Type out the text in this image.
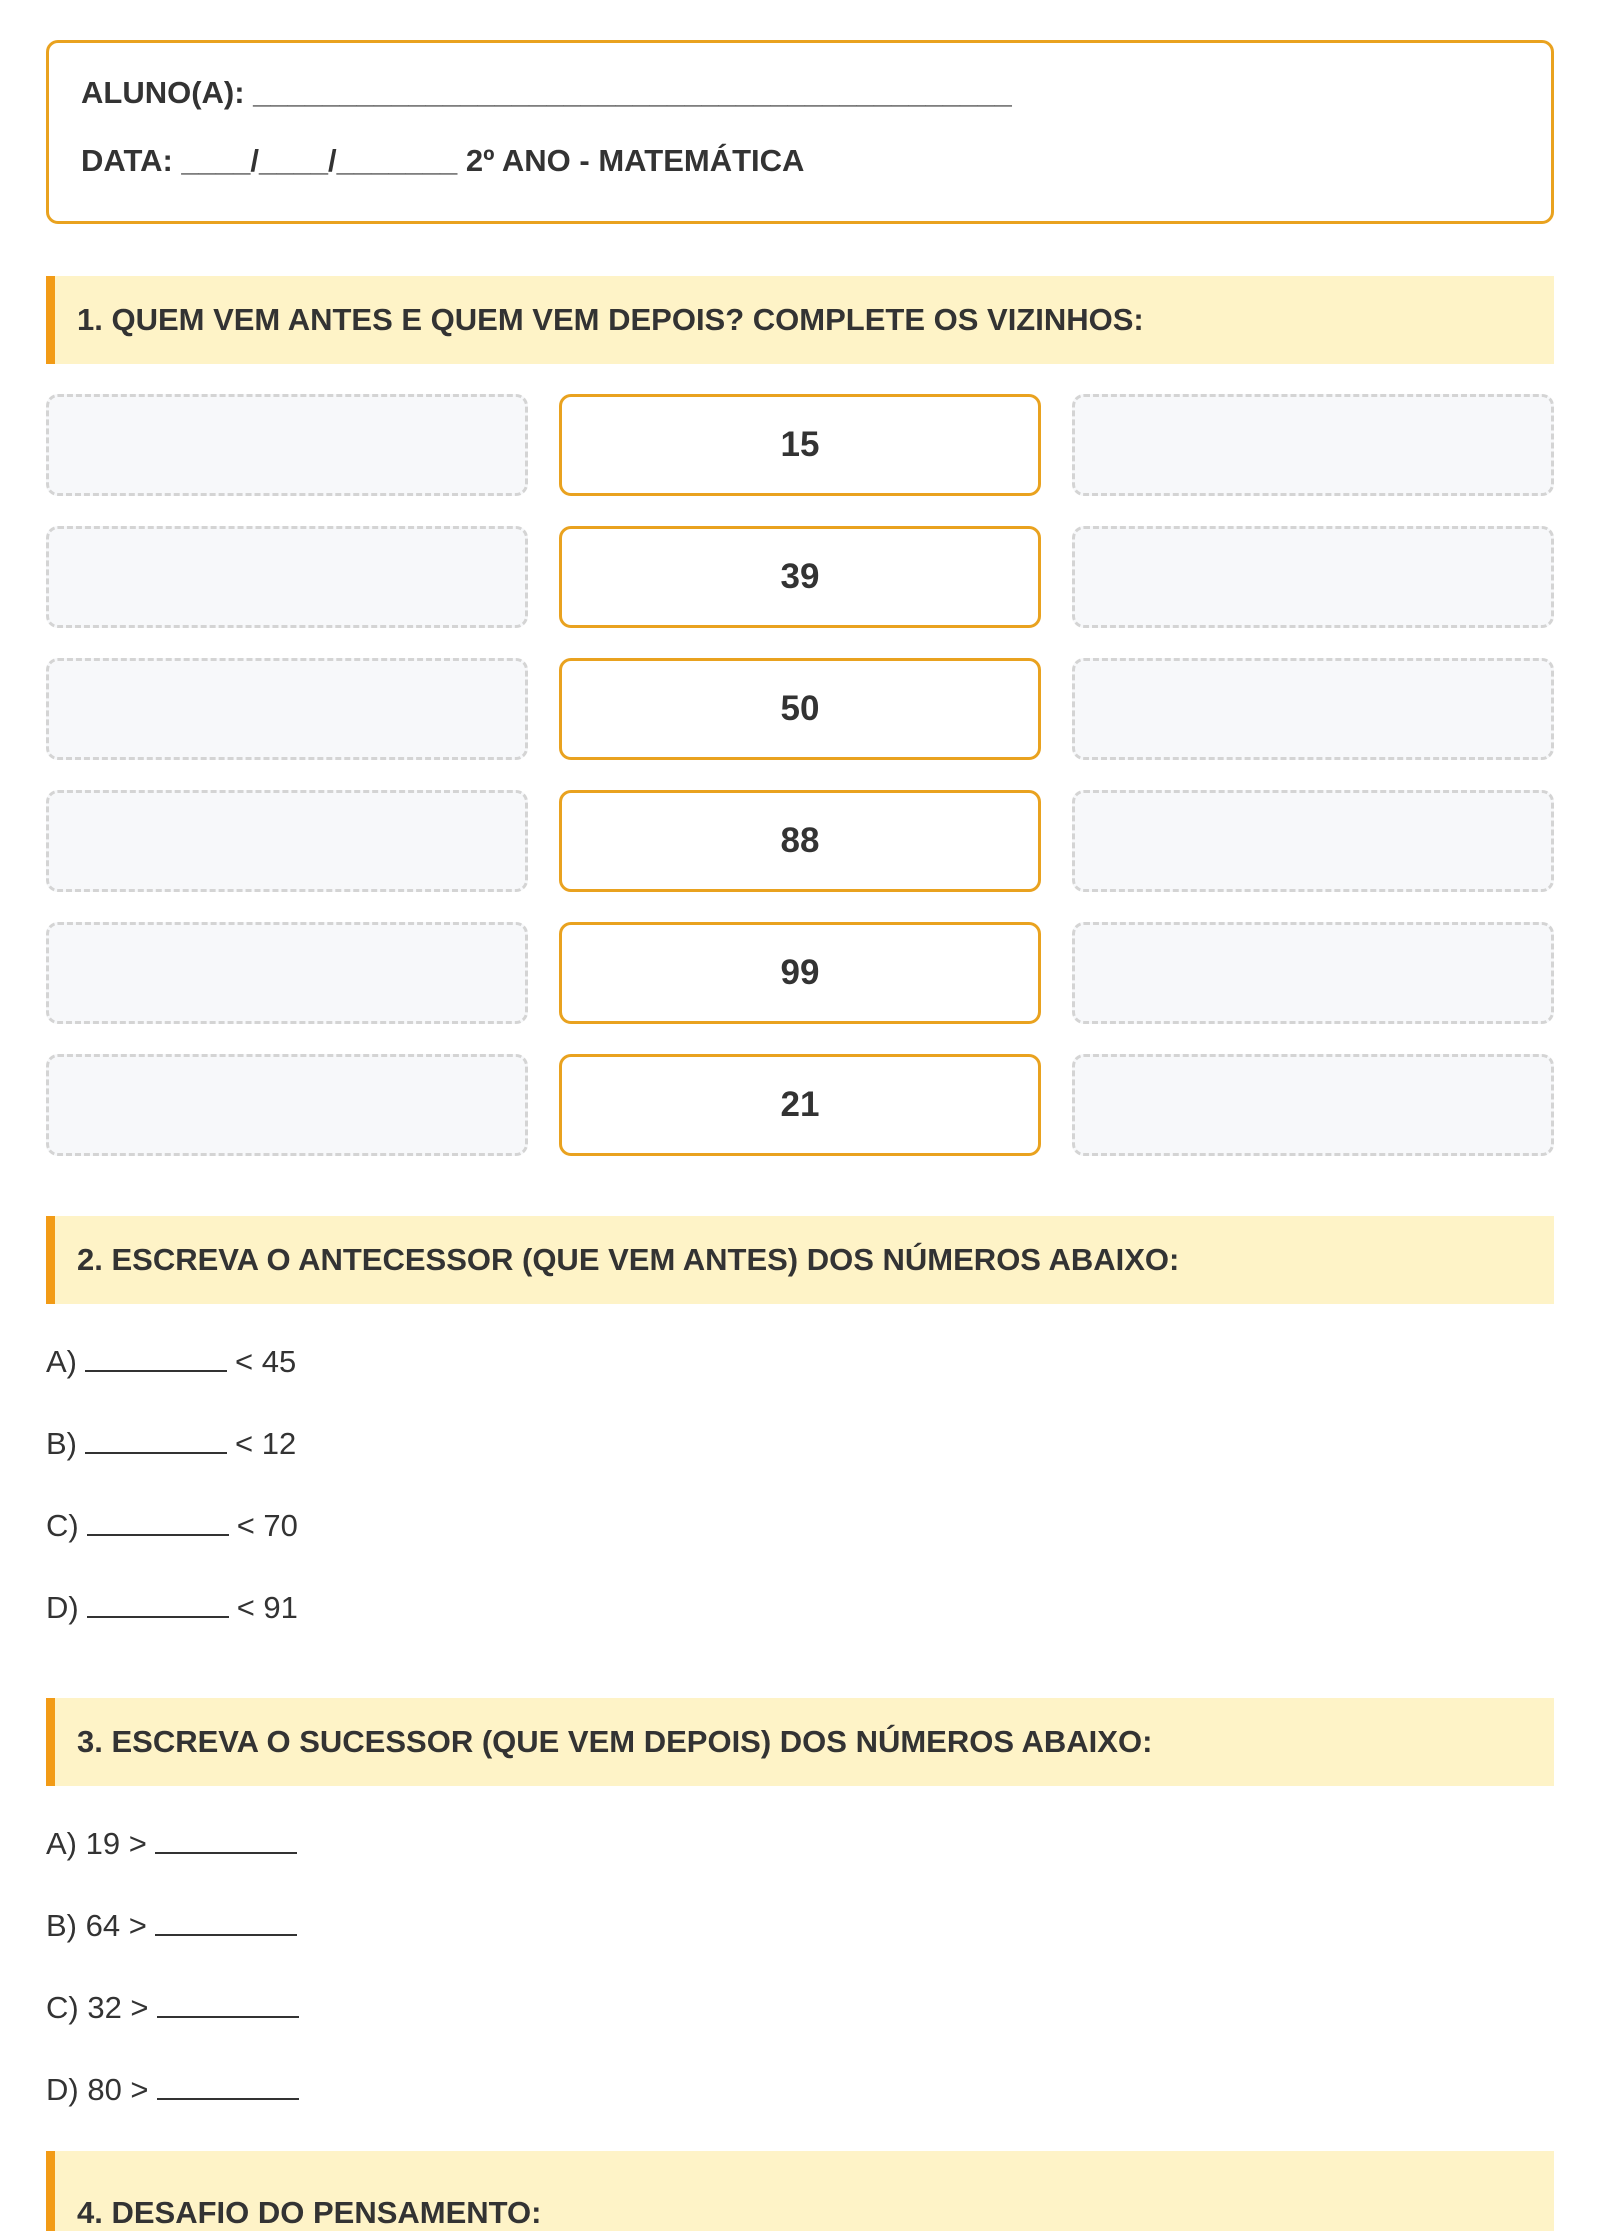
ALUNO(A): ____________________________________________
DATA: ____/____/_______ 2º ANO - MATEMÁTICA
1. QUEM VEM ANTES E QUEM VEM DEPOIS? COMPLETE OS VIZINHOS:
15
39
50
88
99
21
2. ESCREVA O ANTECESSOR (QUE VEM ANTES) DOS NÚMEROS ABAIXO:
A)	< 45
B)	< 12
C)	< 70
D)	< 91
3. ESCREVA O SUCESSOR (QUE VEM DEPOIS) DOS NÚMEROS ABAIXO:
A) 19 >
B) 64 >
C) 32 >
D) 80 >
4. DESAFIO DO PENSAMENTO:
